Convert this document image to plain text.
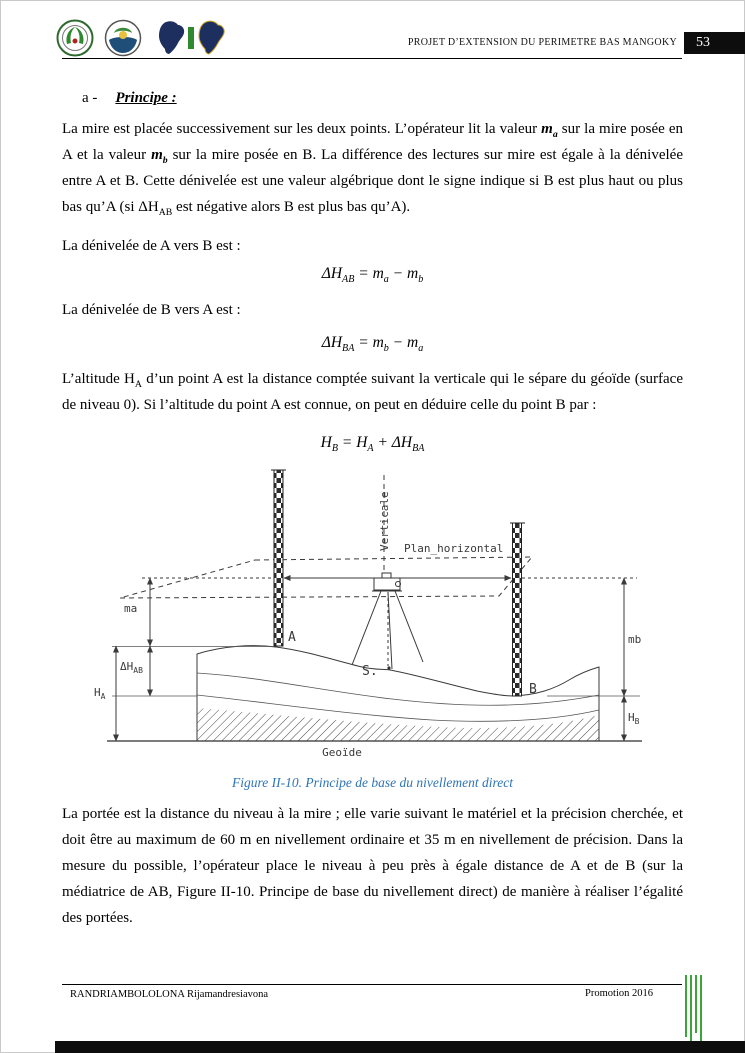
PROJET D’EXTENSION DU PERIMETRE BAS MANGOKY	53

a - Principe :

La mire est placée successivement sur les deux points. L’opérateur lit la valeur $m_a$ sur la mire posée en A et la valeur $m_b$ sur la mire posée en B. La différence des lectures sur mire est égale à la dénivelée entre A et B. Cette dénivelée est une valeur algébrique dont le signe indique si B est plus haut ou plus bas qu’A (si $\Delta H_{AB}$ est négative alors B est plus bas qu’A).

La dénivelée de A vers B est :

$\Delta H_{AB} = m_a - m_b$

La dénivelée de B vers A est :

$\Delta H_{BA} = m_b - m_a$

L’altitude $H_A$ d’un point A est la distance comptée suivant la verticale qui le sépare du géoïde (surface de niveau 0). Si l’altitude du point A est connue, on peut en déduire celle du point B par :

$H_B = H_A + \Delta H_{BA}$

Plan_horizontal
Verticale
ma
mb
A
B
S.
$\Delta H_{AB}$
$H_A$
$H_B$
Geoïde

Figure II-10. Principe de base du nivellement direct

La portée est la distance du niveau à la mire ; elle varie suivant le matériel et la précision cherchée, et doit être au maximum de 60 m en nivellement ordinaire et 35 m en nivellement de précision. Dans la mesure du possible, l’opérateur place le niveau à peu près à égale distance de A et de B (sur la médiatrice de AB, Figure II-10. Principe de base du nivellement direct) de manière à réaliser l’égalité des portées.

RANDRIAMBOLOLONA Rijamandresiavona	Promotion 2016
